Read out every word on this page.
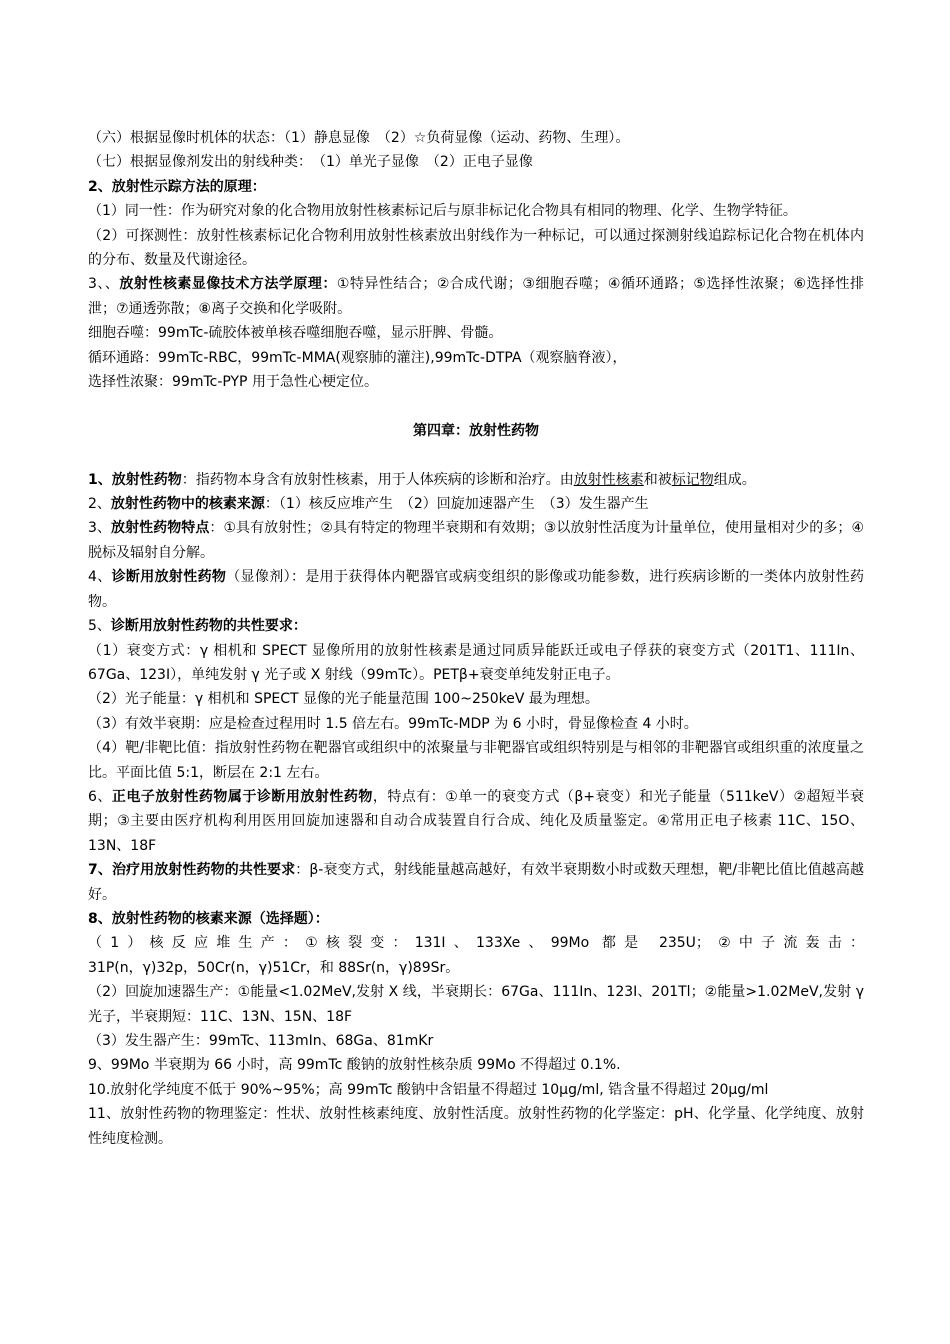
（六）根据显像时机体的状态：（1）静息显像　（2）☆负荷显像（运动、药物、生理）。

（七）根据显像剂发出的射线种类：　（1）单光子显像　（2）正电子显像

2、放射性示踪方法的原理：

（1）同一性：作为研究对象的化合物用放射性核素标记后与原非标记化合物具有相同的物理、化学、生物学特征。

（2）可探测性：放射性核素标记化合物利用放射性核素放出射线作为一种标记，可以通过探测射线追踪标记化合物在机体内的分布、数量及代谢途径。

3、、放射性核素显像技术方法学原理：①特异性结合；②合成代谢；③细胞吞噬；④循环通路；⑤选择性浓聚；⑥选择性排泄；⑦通透弥散；⑧离子交换和化学吸附。

细胞吞噬：99mTc-硫胶体被单核吞噬细胞吞噬，显示肝脾、骨髓。

循环通路：99mTc-RBC，99mTc-MMA(观察肺的灌注),99mTc-DTPA（观察脑脊液），

选择性浓聚：99mTc-PYP 用于急性心梗定位。

第四章：放射性药物

1、放射性药物：指药物本身含有放射性核素，用于人体疾病的诊断和治疗。由放射性核素和被标记物组成。

2、放射性药物中的核素来源：（1）核反应堆产生　（2）回旋加速器产生　（3）发生器产生

3、放射性药物特点：①具有放射性；②具有特定的物理半衰期和有效期；③以放射性活度为计量单位，使用量相对少的多；④脱标及辐射自分解。

4、诊断用放射性药物（显像剂）：是用于获得体内靶器官或病变组织的影像或功能参数，进行疾病诊断的一类体内放射性药物。

5、诊断用放射性药物的共性要求：

（1）衰变方式：γ 相机和 SPECT 显像所用的放射性核素是通过同质异能跃迁或电子俘获的衰变方式（201T1、111In、67Ga、123I），单纯发射 γ 光子或 X 射线（99mTc）。PETβ+衰变单纯发射正电子。

（2）光子能量：γ 相机和 SPECT 显像的光子能量范围 100~250keV 最为理想。

（3）有效半衰期：应是检查过程用时 1.5 倍左右。99mTc-MDP 为 6 小时，骨显像检查 4 小时。

（4）靶/非靶比值：指放射性药物在靶器官或组织中的浓聚量与非靶器官或组织特别是与相邻的非靶器官或组织重的浓度量之比。平面比值 5:1，断层在 2:1 左右。

6、正电子放射性药物属于诊断用放射性药物，特点有：①单一的衰变方式（β+衰变）和光子能量（511keV）②超短半衰期；③主要由医疗机构利用医用回旋加速器和自动合成装置自行合成、纯化及质量鉴定。④常用正电子核素 11C、15O、13N、18F

7、治疗用放射性药物的共性要求：β-衰变方式，射线能量越高越好，有效半衰期数小时或数天理想，靶/非靶比值比值越高越好。

8、放射性药物的核素来源（选择题）：

（1）核反应堆生产：①核裂变：131I、133Xe、99Mo 都是 235U；②中子流轰击：

31P(n，γ)32p，50Cr(n，γ)51Cr，和 88Sr(n，γ)89Sr。

（2）回旋加速器生产：①能量<1.02MeV,发射 X 线，半衰期长：67Ga、111In、123I、201Tl；②能量>1.02MeV,发射 γ 光子，半衰期短：11C、13N、15N、18F

（3）发生器产生：99mTc、113mIn、68Ga、81mKr

9、99Mo 半衰期为 66 小时，高 99mTc 酸钠的放射性核杂质 99Mo 不得超过 0.1%.

10.放射化学纯度不低于 90%~95%；高 99mTc 酸钠中含铝量不得超过 10μg/ml, 锆含量不得超过 20μg/ml

11、放射性药物的物理鉴定：性状、放射性核素纯度、放射性活度。放射性药物的化学鉴定：pH、化学量、化学纯度、放射性纯度检测。
